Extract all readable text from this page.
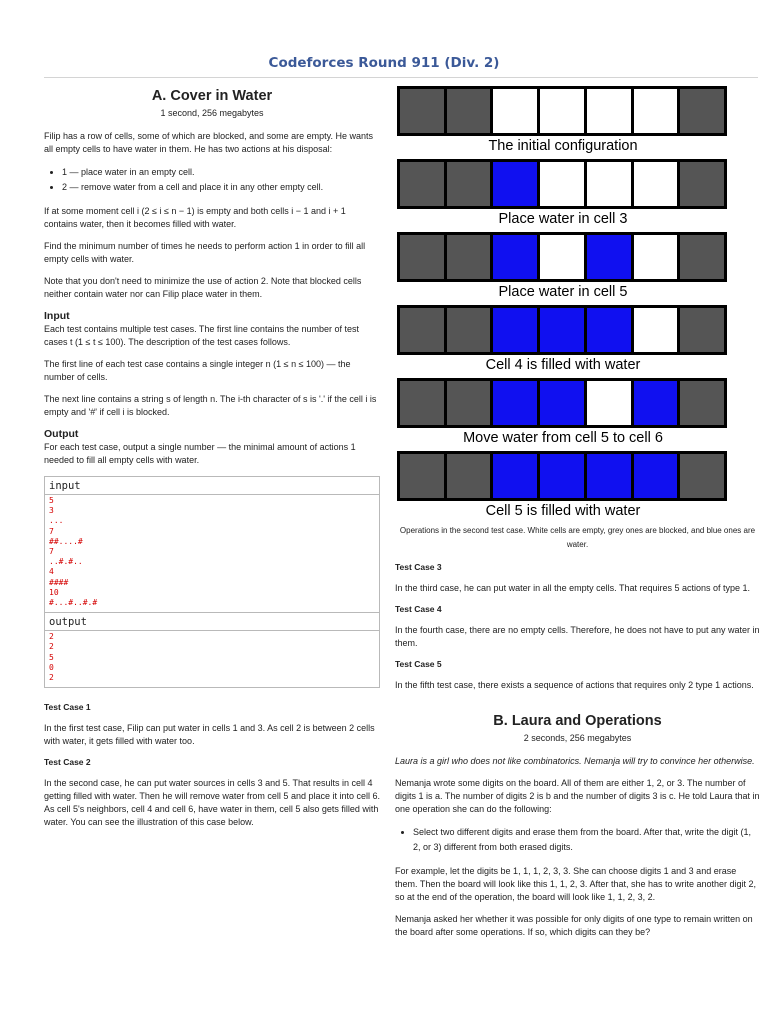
Codeforces Round 911 (Div. 2)
A. Cover in Water
1 second, 256 megabytes

Filip has a row of cells, some of which are blocked, and some are empty. He wants all empty cells to have water in them. He has two actions at his disposal:

• 1 — place water in an empty cell.
• 2 — remove water from a cell and place it in any other empty cell.

If at some moment cell i (2 ≤ i ≤ n − 1) is empty and both cells i − 1 and i + 1 contains water, then it becomes filled with water.

Find the minimum number of times he needs to perform action 1 in order to fill all empty cells with water.

Note that you don't need to minimize the use of action 2. Note that blocked cells neither contain water nor can Filip place water in them.

Input

Each test contains multiple test cases. The first line contains the number of test cases t (1 ≤ t ≤ 100). The description of the test cases follows.

The first line of each test case contains a single integer n (1 ≤ n ≤ 100) — the number of cells.

The next line contains a string s of length n. The i-th character of s is '.' if the cell i is empty and '#' if cell i is blocked.

Output

For each test case, output a single number — the minimal amount of actions 1 needed to fill all empty cells with water.

input
5
3
...
7
##....#
7
..#.#..
4
####
10
#...#..#.#
output
2
2
5
0
2
Test Case 1

In the first test case, Filip can put water in cells 1 and 3. As cell 2 is between 2 cells with water, it gets filled with water too.

Test Case 2

In the second case, he can put water sources in cells 3 and 5. That results in cell 4 getting filled with water. Then he will remove water from cell 5 and place it into cell 6. As cell 5's neighbors, cell 4 and cell 6, have water in them, cell 5 also gets filled with water. You can see the illustration of this case below.

The initial configuration
Place water in cell 3
Place water in cell 5
Cell 4 is filled with water
Move water from cell 5 to cell 6
Cell 5 is filled with water
Operations in the second test case. White cells are empty, grey ones are blocked, and blue ones are water.
Test Case 3

In the third case, he can put water in all the empty cells. That requires 5 actions of type 1.

Test Case 4

In the fourth case, there are no empty cells. Therefore, he does not have to put any water in them.

Test Case 5

In the fifth test case, there exists a sequence of actions that requires only 2 type 1 actions.

B. Laura and Operations
2 seconds, 256 megabytes

Laura is a girl who does not like combinatorics. Nemanja will try to convince her otherwise.

Nemanja wrote some digits on the board. All of them are either 1, 2, or 3. The number of digits 1 is a. The number of digits 2 is b and the number of digits 3 is c. He told Laura that in one operation she can do the following:

• Select two different digits and erase them from the board. After that, write the digit (1, 2, or 3) different from both erased digits.

For example, let the digits be 1, 1, 1, 2, 3, 3. She can choose digits 1 and 3 and erase them. Then the board will look like this 1, 1, 2, 3. After that, she has to write another digit 2, so at the end of the operation, the board will look like 1, 1, 2, 3, 2.

Nemanja asked her whether it was possible for only digits of one type to remain written on the board after some operations. If so, which digits can they be?
